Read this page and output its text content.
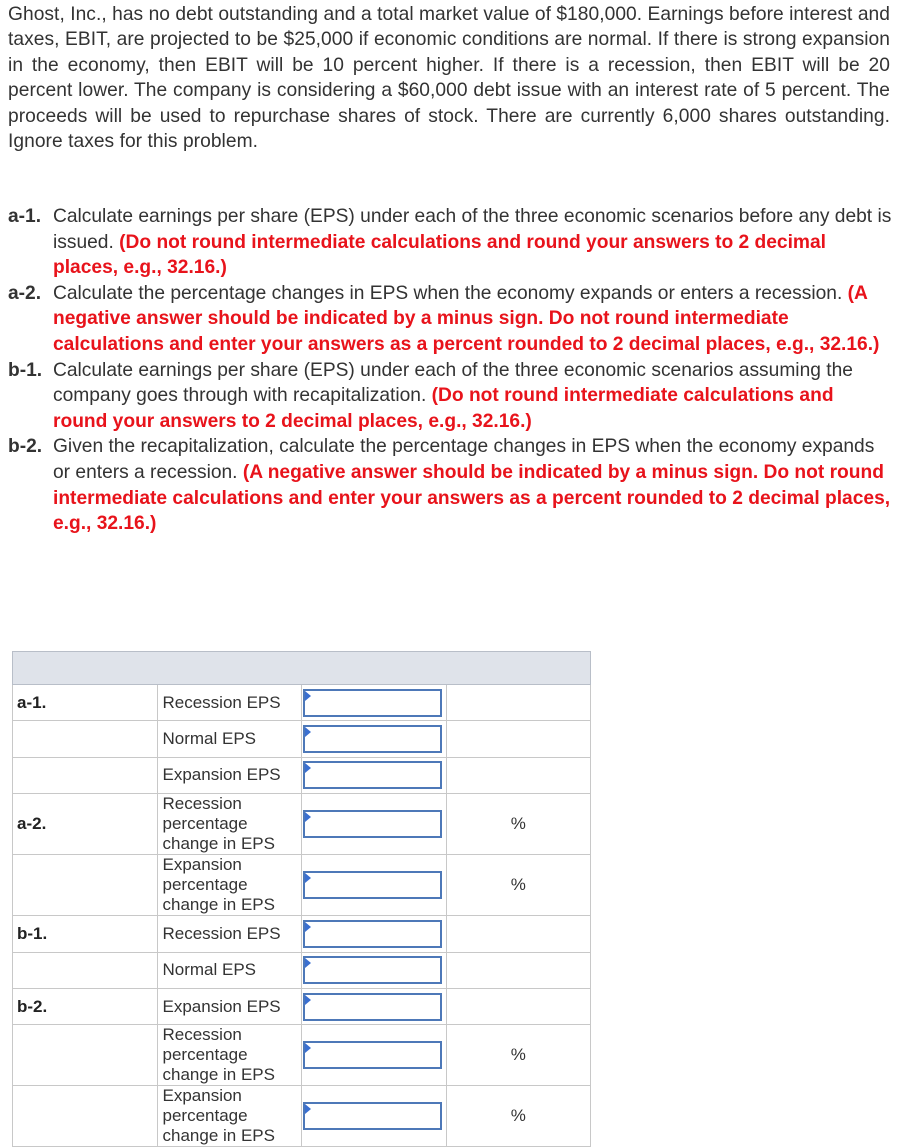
Ghost, Inc., has no debt outstanding and a total market value of $180,000. Earnings before interest and taxes, EBIT, are projected to be $25,000 if economic conditions are normal. If there is strong expansion in the economy, then EBIT will be 10 percent higher. If there is a recession, then EBIT will be 20 percent lower. The company is considering a $60,000 debt issue with an interest rate of 5 percent. The proceeds will be used to repurchase shares of stock. There are currently 6,000 shares outstanding. Ignore taxes for this problem.

a-1. Calculate earnings per share (EPS) under each of the three economic scenarios before any debt is issued. (Do not round intermediate calculations and round your answers to 2 decimal places, e.g., 32.16.)
a-2. Calculate the percentage changes in EPS when the economy expands or enters a recession. (A negative answer should be indicated by a minus sign. Do not round intermediate calculations and enter your answers as a percent rounded to 2 decimal places, e.g., 32.16.)
b-1. Calculate earnings per share (EPS) under each of the three economic scenarios assuming the company goes through with recapitalization. (Do not round intermediate calculations and round your answers to 2 decimal places, e.g., 32.16.)
b-2. Given the recapitalization, calculate the percentage changes in EPS when the economy expands or enters a recession. (A negative answer should be indicated by a minus sign. Do not round intermediate calculations and enter your answers as a percent rounded to 2 decimal places, e.g., 32.16.)

a-1.	Recession EPS	

	Normal EPS	

	Expansion EPS	

a-2.	Recession percentage change in EPS		%
	Expansion percentage change in EPS		%
b-1.	Recession EPS	

	Normal EPS	

b-2.	Expansion EPS	

	Recession percentage change in EPS		%
	Expansion percentage change in EPS		%
